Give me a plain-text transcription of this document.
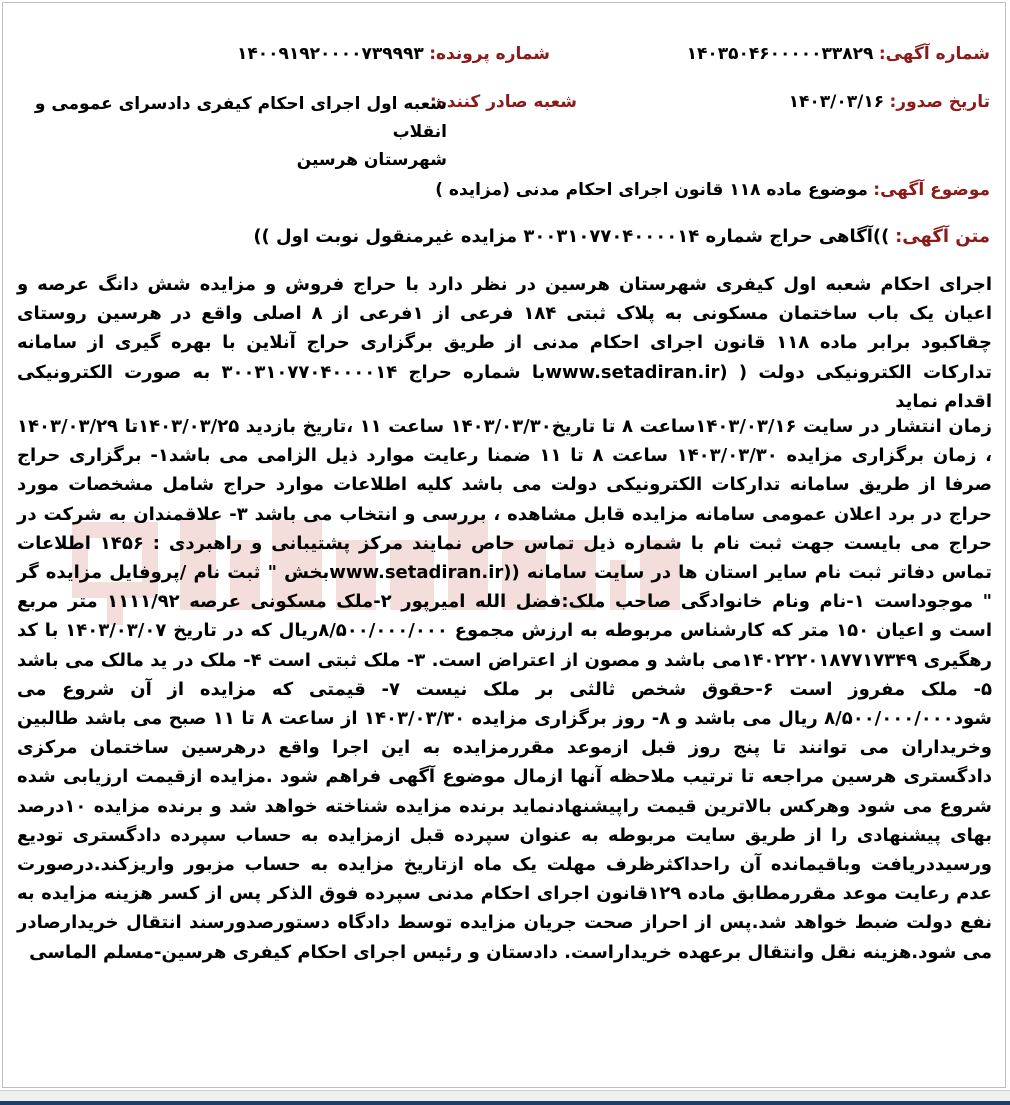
شماره آگهی: ۱۴۰۳۵۰۴۶۰۰۰۰۰۳۳۸۲۹
شماره پرونده: ۱۴۰۰۹۱۹۲۰۰۰۰۷۳۹۹۹۳
تاریخ صدور: ۱۴۰۳/۰۳/۱۶
شعبه صادر کننده:
شعبه اول اجرای احکام کیفری دادسرای عمومی و انقلاب
شهرستان هرسین
موضوع آگهی: موضوع ماده ۱۱۸ قانون اجرای احکام مدنی (مزایده )
متن آگهی: ))آگاهی حراج شماره ۳۰۰۳۱۰۷۷۰۴۰۰۰۰۱۴ مزایده غیرمنقول نوبت اول ))
اجرای احکام شعبه اول کیفری شهرستان هرسین در نظر دارد با حراج فروش و مزایده شش دانگ عرصه و اعیان یک باب ساختمان مسکونی به پلاک ثبتی ۱۸۴ فرعی از ۱فرعی از ۸ اصلی واقع در هرسین روستای چقاکبود برابر ماده ۱۱۸ قانون اجرای احکام مدنی از طریق برگزاری حراج آنلاین با بهره گیری از سامانه تدارکات الکترونیکی دولت ( (www.setadiran.irبا شماره حراج ۳۰۰۳۱۰۷۷۰۴۰۰۰۰۱۴ به صورت الکترونیکی اقدام نماید
زمان انتشار در سایت ۱۴۰۳/۰۳/۱۶ساعت ۸ تا تاریخ۱۴۰۳/۰۳/۳۰ ساعت ۱۱ ،تاریخ بازدید ۱۴۰۳/۰۳/۲۵تا ۱۴۰۳/۰۳/۲۹ ، زمان برگزاری مزایده ۱۴۰۳/۰۳/۳۰ ساعت ۸ تا ۱۱ ضمنا رعایت موارد ذیل الزامی می باشد۱- برگزاری حراج صرفا از طریق سامانه تدارکات الکترونیکی دولت می باشد کلیه اطلاعات موارد حراج شامل مشخصات مورد حراج در برد اعلان عمومی سامانه مزایده قابل مشاهده ، بررسی و انتخاب می باشد ۳- علاقمندان به شرکت در حراج می بایست جهت ثبت نام با شماره ذیل تماس حاص نمایند مرکز پشتیبانی و راهبردی : ۱۴۵۶ اطلاعات تماس دفاتر ثبت نام سایر استان ها در سایت سامانه ((www.setadiran.irبخش " ثبت نام /پروفایل مزایده گر " موجوداست ۱-نام ونام خانوادگی صاحب ملک:فضل الله امیرپور ۲-ملک مسکونی عرصه ۱۱۱۱/۹۲ متر مربع است و اعیان ۱۵۰ متر که کارشناس مربوطه به ارزش مجموع ۸/۵۰۰/۰۰۰/۰۰۰ریال که در تاریخ ۱۴۰۳/۰۳/۰۷ با کد رهگیری ۱۴۰۲۲۲۰۱۸۷۷۱۷۳۴۹می باشد و مصون از اعتراض است. ۳- ملک ثبتی است ۴- ملک در ید مالک می باشد ۵- ملک مفروز است ۶-حقوق شخص ثالثی بر ملک نیست ۷- قیمتی که مزایده از آن شروع می شود۸/۵۰۰/۰۰۰/۰۰۰ ریال می باشد و ۸- روز برگزاری مزایده ۱۴۰۳/۰۳/۳۰ از ساعت ۸ تا ۱۱ صبح می باشد طالبین وخریداران می توانند تا پنج روز قبل ازموعد مقررمزایده به این اجرا واقع درهرسین ساختمان مرکزی دادگستری هرسین مراجعه تا ترتیب ملاحظه آنها ازمال موضوع آگهی فراهم شود .مزایده ازقیمت ارزیابی شده شروع می شود وهرکس بالاترین قیمت راپیشنهادنماید برنده مزایده شناخته خواهد شد و برنده مزایده ۱۰درصد بهای پیشنهادی را از طریق سایت مربوطه به عنوان سپرده قبل ازمزایده به حساب سپرده دادگستری تودیع ورسیددریافت وباقیمانده آن راحداکثرظرف مهلت یک ماه ازتاریخ مزایده به حساب مزبور واریزکند.درصورت عدم رعایت موعد مقررمطابق ماده ۱۲۹قانون اجرای احکام مدنی سپرده فوق الذکر پس از کسر هزینه مزایده به نفع دولت ضبط خواهد شد.پس از احراز صحت جریان مزایده توسط دادگاه دستورصدورسند انتقال خریدارصادر می شود.هزینه نقل وانتقال برعهده خریداراست. دادستان و رئیس اجرای احکام کیفری هرسین-مسلم الماسی
